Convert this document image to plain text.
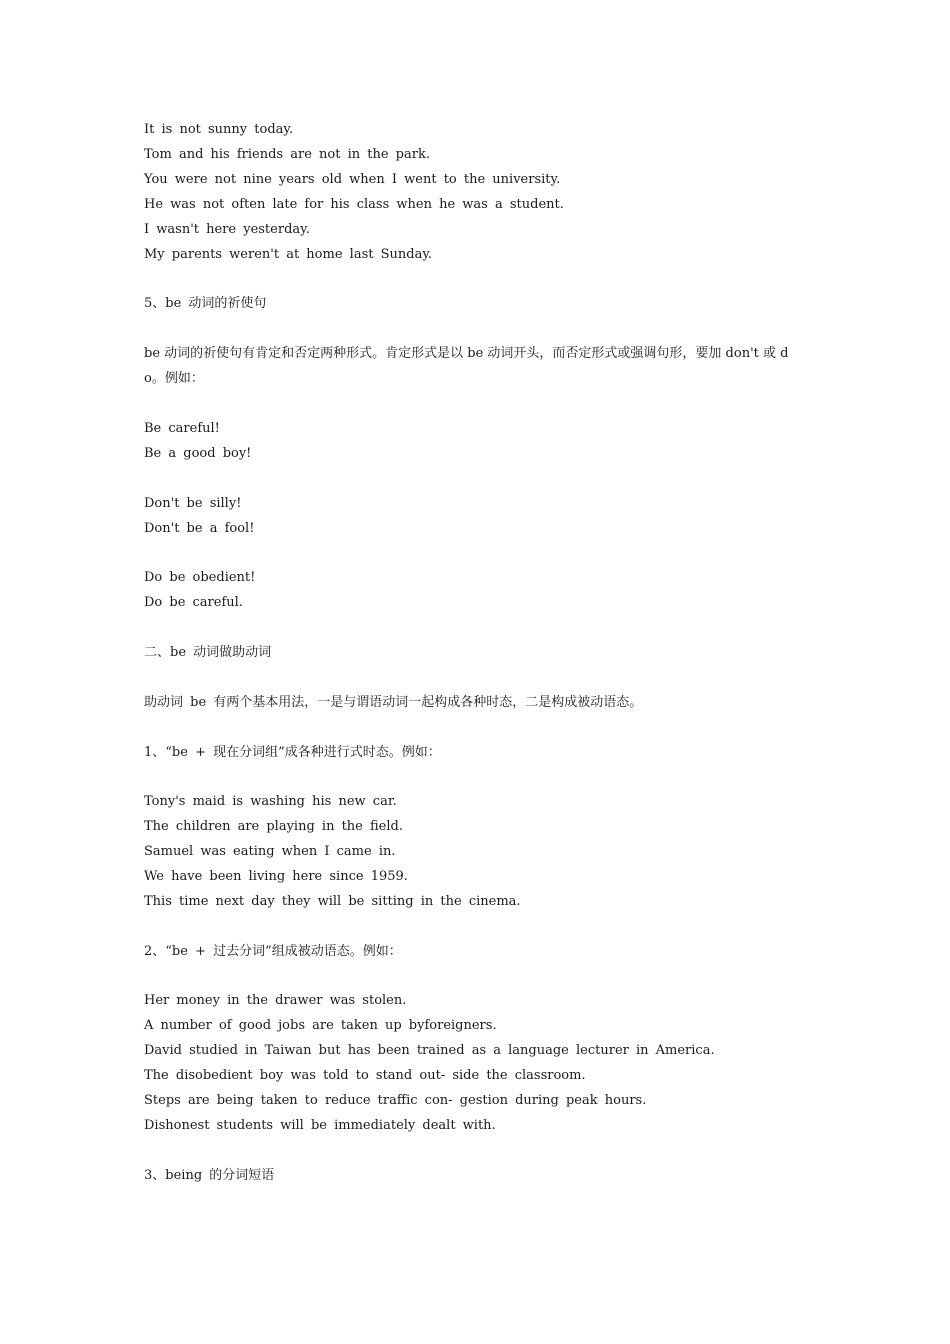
It is not sunny today.
Tom and his friends are not in the park.
You were not nine years old when I went to the university.
He was not often late for his class when he was a student.
I wasn't here yesterday.
My parents weren't at home last Sunday.
5、be 动词的祈使句
be 动词的祈使句有肯定和否定两种形式。肯定形式是以 be 动词开头，而否定形式或强调句形，要加 don't 或 do。例如：
Be careful!
Be a good boy!
Don't be silly!
Don't be a fool!
Do be obedient!
Do be careful.
二、be 动词做助动词
助动词 be 有两个基本用法，一是与谓语动词一起构成各种时态，二是构成被动语态。
1、“be + 现在分词组”成各种进行式时态。例如：
Tony's maid is washing his new car.
The children are playing in the field.
Samuel was eating when I came in.
We have been living here since 1959.
This time next day they will be sitting in the cinema.
2、“be + 过去分词”组成被动语态。例如：
Her money in the drawer was stolen.
A number of good jobs are taken up byforeigners.
David studied in Taiwan but has been trained as a language lecturer in America.
The disobedient boy was told to stand out- side the classroom.
Steps are being taken to reduce traffic con- gestion during peak hours.
Dishonest students will be immediately dealt with.
3、being 的分词短语
